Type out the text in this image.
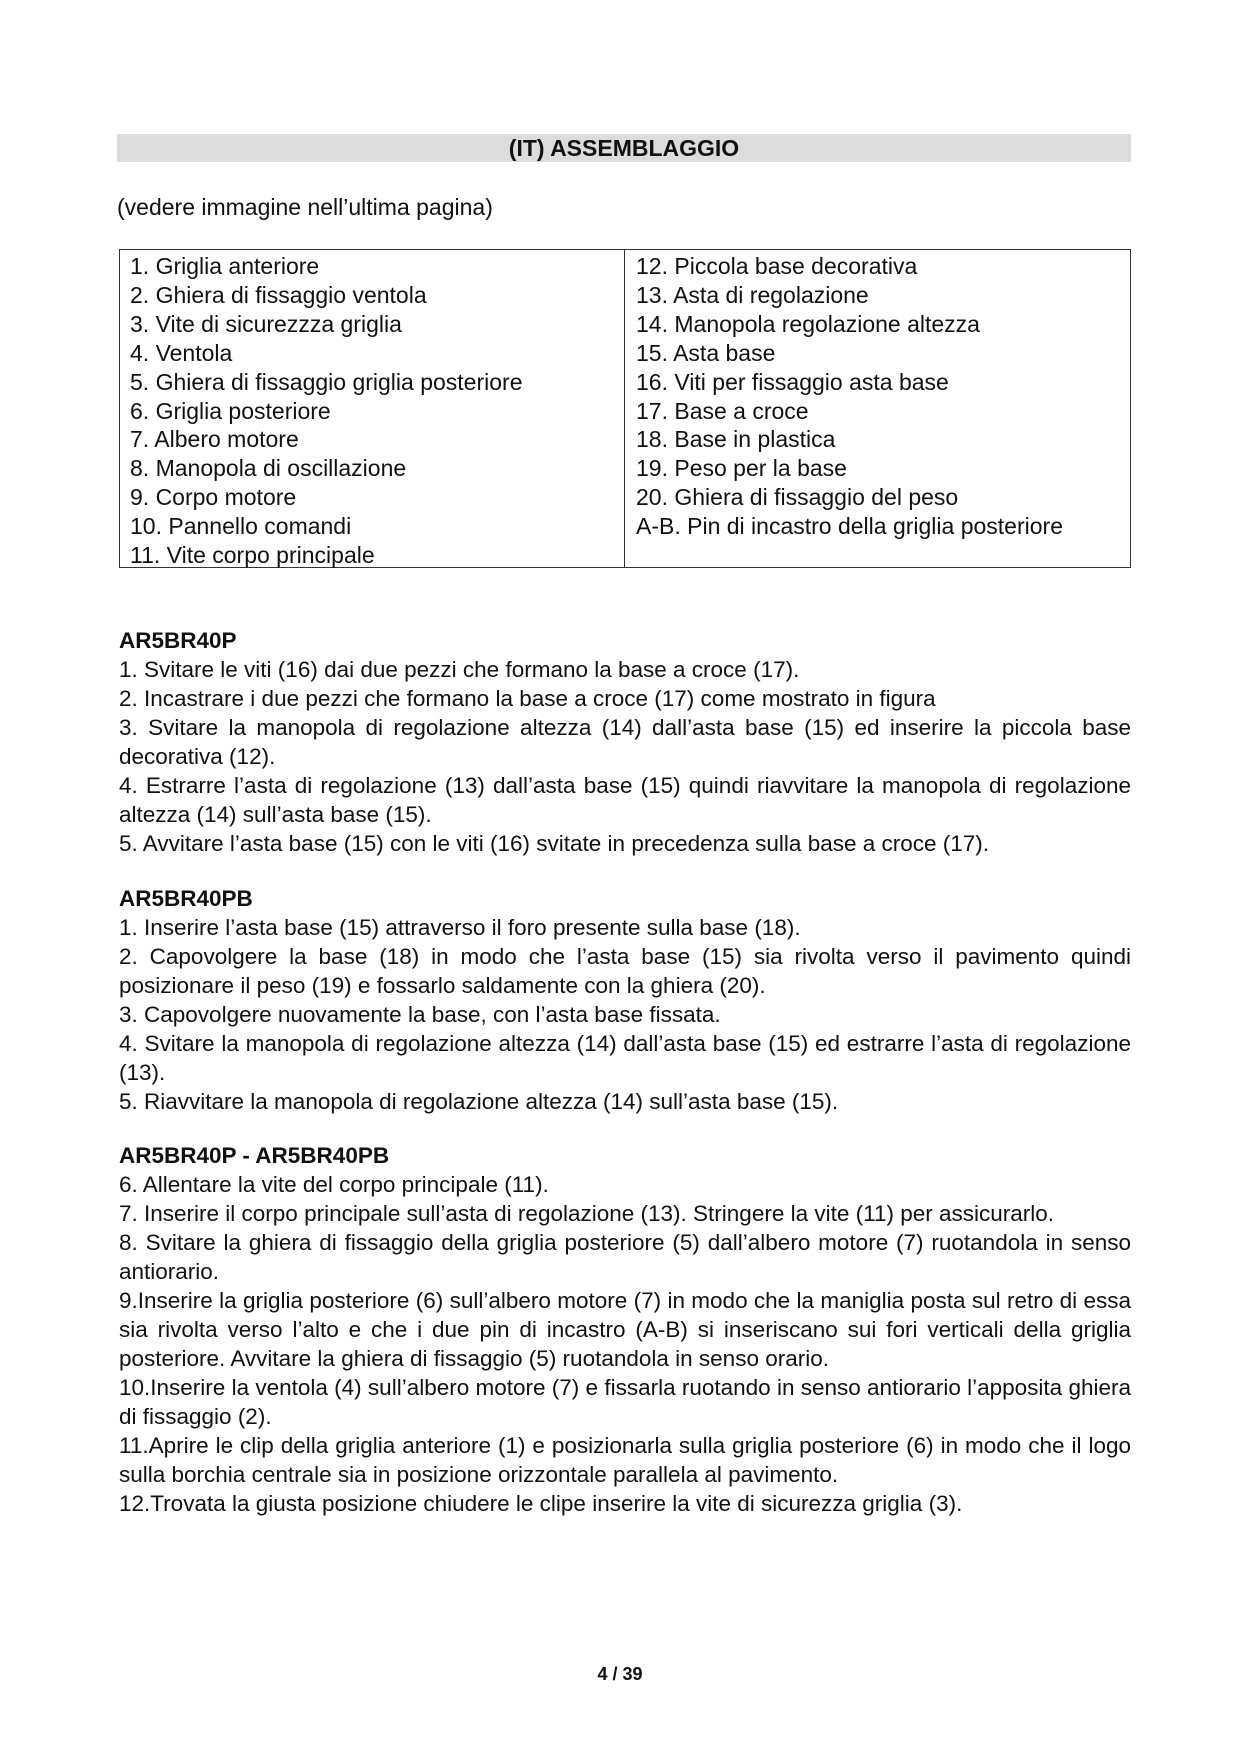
(IT) ASSEMBLAGGIO
(vedere immagine nell’ultima pagina)
1. Griglia anteriore
2. Ghiera di fissaggio ventola
3. Vite di sicurezzza griglia
4. Ventola
5. Ghiera di fissaggio griglia posteriore
6. Griglia posteriore
7. Albero motore
8. Manopola di oscillazione
9. Corpo motore
10. Pannello comandi
11. Vite corpo principale
12. Piccola base decorativa
13. Asta di regolazione
14. Manopola regolazione altezza
15. Asta base
16. Viti per fissaggio asta base
17. Base a croce
18. Base in plastica
19. Peso per la base
20. Ghiera di fissaggio del peso
A-B. Pin di incastro della griglia posteriore
AR5BR40P
1. Svitare le viti (16) dai due pezzi che formano la base a croce (17).
2. Incastrare i due pezzi che formano la base a croce (17) come mostrato in figura
3. Svitare la manopola di regolazione altezza (14) dall’asta base (15) ed inserire la piccola base decorativa (12).
4. Estrarre l’asta di regolazione (13) dall’asta base (15) quindi riavvitare la manopola di regolazione altezza (14) sull’asta base (15).
5. Avvitare l’asta base (15) con le viti (16) svitate in precedenza sulla base a croce (17).
AR5BR40PB
1. Inserire l’asta base (15) attraverso il foro presente sulla base (18).
2. Capovolgere la base (18) in modo che l’asta base (15) sia rivolta verso il pavimento quindi posizionare il peso (19) e fossarlo saldamente con la ghiera (20).
3. Capovolgere nuovamente la base, con l’asta base fissata.
4. Svitare la manopola di regolazione altezza (14) dall’asta base (15) ed estrarre l’asta di regolazione (13).
5. Riavvitare la manopola di regolazione altezza (14) sull’asta base (15).
AR5BR40P - AR5BR40PB
6. Allentare la vite del corpo principale (11).
7. Inserire il corpo principale sull’asta di regolazione (13). Stringere la vite (11) per assicurarlo.
8. Svitare la ghiera di fissaggio della griglia posteriore (5) dall’albero motore (7) ruotandola in senso antiorario.
9.Inserire la griglia posteriore (6) sull’albero motore (7) in modo che la maniglia posta sul retro di essa sia rivolta verso l’alto e che i due pin di incastro (A-B) si inseriscano sui fori verticali della griglia posteriore. Avvitare la ghiera di fissaggio (5) ruotandola in senso orario.
10.Inserire la ventola (4) sull’albero motore (7) e fissarla ruotando in senso antiorario l’apposita ghiera di fissaggio (2).
11.Aprire le clip della griglia anteriore (1) e posizionarla sulla griglia posteriore (6) in modo che il logo sulla borchia centrale sia in posizione orizzontale parallela al pavimento.
12.Trovata la giusta posizione chiudere le clipe inserire la vite di sicurezza griglia (3).
4 / 39
